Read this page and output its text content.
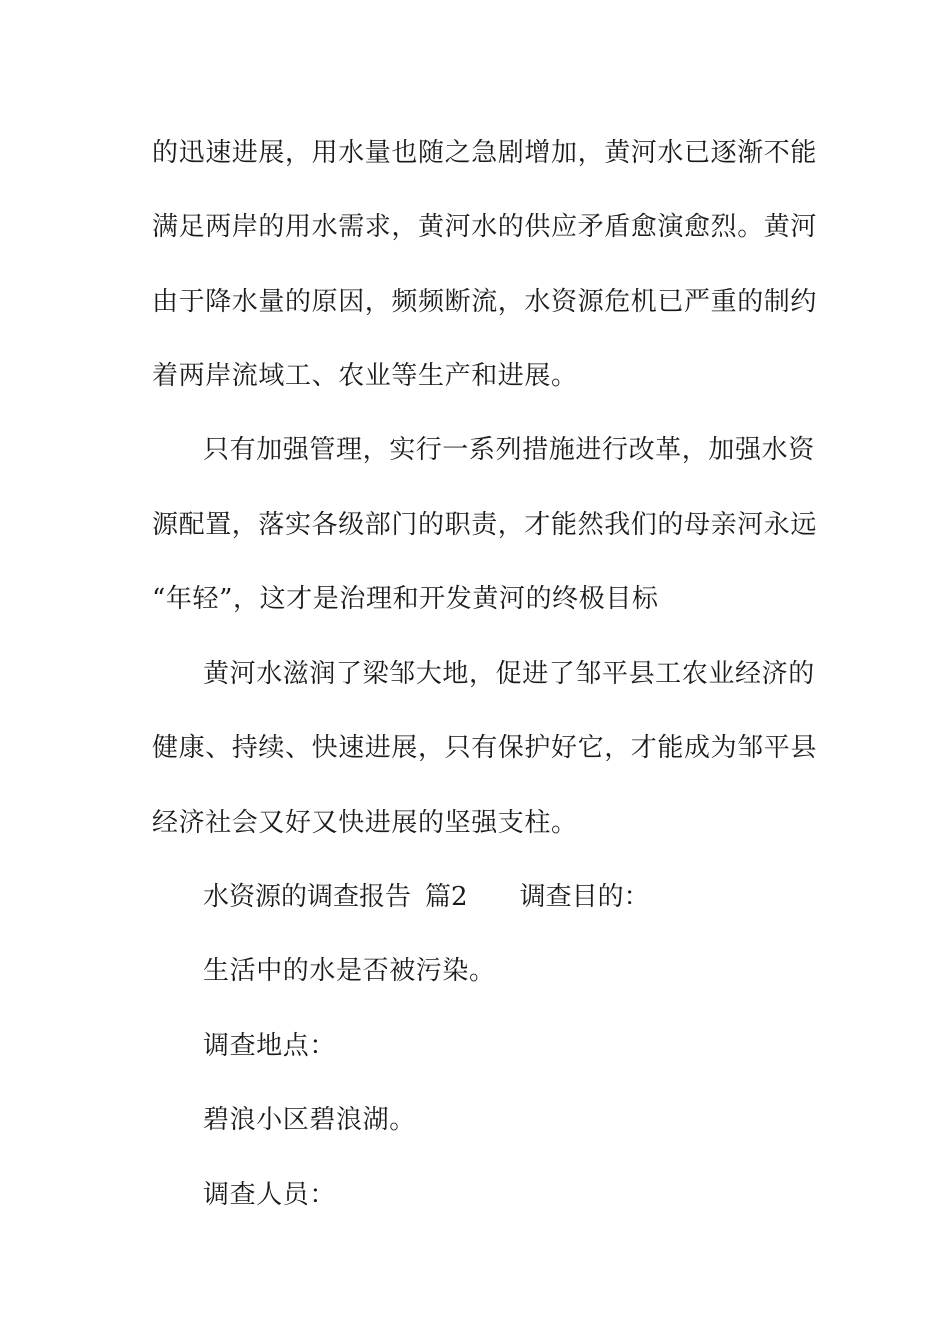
的迅速进展，用水量也随之急剧增加，黄河水已逐渐不能
满足两岸的用水需求，黄河水的供应矛盾愈演愈烈。黄河
由于降水量的原因，频频断流，水资源危机已严重的制约
着两岸流域工、农业等生产和进展。
只有加强管理，实行一系列措施进行改革，加强水资
源配置，落实各级部门的职责，才能然我们的母亲河永远
“年轻”，这才是治理和开发黄河的终极目标
黄河水滋润了梁邹大地，促进了邹平县工农业经济的
健康、持续、快速进展，只有保护好它，才能成为邹平县
经济社会又好又快进展的坚强支柱。
水资源的调查报告 篇2 调查目的：
生活中的水是否被污染。
调查地点：
碧浪小区碧浪湖。
调查人员：
